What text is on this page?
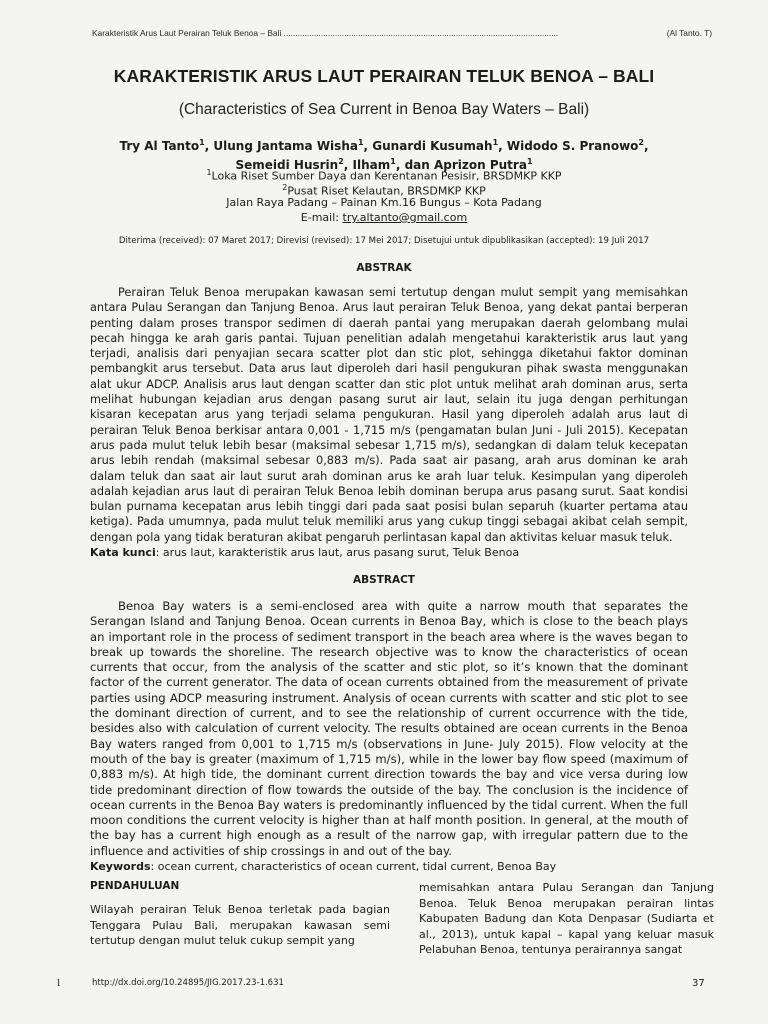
Karakteristik Arus Laut Perairan Teluk Benoa – Bali ......................................................................................................................	(Al Tanto. T)
KARAKTERISTIK ARUS LAUT PERAIRAN TELUK BENOA – BALI
(Characteristics of Sea Current in Benoa Bay Waters – Bali)
Try Al Tanto$^1$, Ulung Jantama Wisha$^1$, Gunardi Kusumah$^1$, Widodo S. Pranowo$^2$, Semeidi Husrin$^2$, Ilham$^1$, dan Aprizon Putra$^1$
$^1$Loka Riset Sumber Daya dan Kerentanan Pesisir, BRSDMKP KKP
$^2$Pusat Riset Kelautan, BRSDMKP KKP
Jalan Raya Padang – Painan Km.16 Bungus – Kota Padang
E-mail: try.altanto@gmail.com
Diterima (received): 07 Maret 2017; Direvisi (revised): 17 Mei 2017; Disetujui untuk dipublikasikan (accepted): 19 Juli 2017
ABSTRAK
Perairan Teluk Benoa merupakan kawasan semi tertutup dengan mulut sempit yang memisahkan antara Pulau Serangan dan Tanjung Benoa. Arus laut perairan Teluk Benoa, yang dekat pantai berperan penting dalam proses transpor sedimen di daerah pantai yang merupakan daerah gelombang mulai pecah hingga ke arah garis pantai. Tujuan penelitian adalah mengetahui karakteristik arus laut yang terjadi, analisis dari penyajian secara scatter plot dan stic plot, sehingga diketahui faktor dominan pembangkit arus tersebut. Data arus laut diperoleh dari hasil pengukuran pihak swasta menggunakan alat ukur ADCP. Analisis arus laut dengan scatter dan stic plot untuk melihat arah dominan arus, serta melihat hubungan kejadian arus dengan pasang surut air laut, selain itu juga dengan perhitungan kisaran kecepatan arus yang terjadi selama pengukuran. Hasil yang diperoleh adalah arus laut di perairan Teluk Benoa berkisar antara 0,001 - 1,715 m/s (pengamatan bulan Juni - Juli 2015). Kecepatan arus pada mulut teluk lebih besar (maksimal sebesar 1,715 m/s), sedangkan di dalam teluk kecepatan arus lebih rendah (maksimal sebesar 0,883 m/s). Pada saat air pasang, arah arus dominan ke arah dalam teluk dan saat air laut surut arah dominan arus ke arah luar teluk. Kesimpulan yang diperoleh adalah kejadian arus laut di perairan Teluk Benoa lebih dominan berupa arus pasang surut. Saat kondisi bulan purnama kecepatan arus lebih tinggi dari pada saat posisi bulan separuh (kuarter pertama atau ketiga). Pada umumnya, pada mulut teluk memiliki arus yang cukup tinggi sebagai akibat celah sempit, dengan pola yang tidak beraturan akibat pengaruh perlintasan kapal dan aktivitas keluar masuk teluk.
Kata kunci: arus laut, karakteristik arus laut, arus pasang surut, Teluk Benoa
ABSTRACT
Benoa Bay waters is a semi-enclosed area with quite a narrow mouth that separates the Serangan Island and Tanjung Benoa. Ocean currents in Benoa Bay, which is close to the beach plays an important role in the process of sediment transport in the beach area where is the waves began to break up towards the shoreline. The research objective was to know the characteristics of ocean currents that occur, from the analysis of the scatter and stic plot, so it’s known that the dominant factor of the current generator. The data of ocean currents obtained from the measurement of private parties using ADCP measuring instrument. Analysis of ocean currents with scatter and stic plot to see the dominant direction of current, and to see the relationship of current occurrence with the tide, besides also with calculation of current velocity. The results obtained are ocean currents in the Benoa Bay waters ranged from 0,001 to 1,715 m/s (observations in June- July 2015). Flow velocity at the mouth of the bay is greater (maximum of 1,715 m/s), while in the lower bay flow speed (maximum of 0,883 m/s). At high tide, the dominant current direction towards the bay and vice versa during low tide predominant direction of flow towards the outside of the bay. The conclusion is the incidence of ocean currents in the Benoa Bay waters is predominantly influenced by the tidal current. When the full moon conditions the current velocity is higher than at half month position. In general, at the mouth of the bay has a current high enough as a result of the narrow gap, with irregular pattern due to the influence and activities of ship crossings in and out of the bay.
Keywords: ocean current, characteristics of ocean current, tidal current, Benoa Bay
PENDAHULUAN
Wilayah perairan Teluk Benoa terletak pada bagian Tenggara Pulau Bali, merupakan kawasan semi tertutup dengan mulut teluk cukup sempit yang
memisahkan antara Pulau Serangan dan Tanjung Benoa. Teluk Benoa merupakan perairan lintas Kabupaten Badung dan Kota Denpasar (Sudiarta et al., 2013), untuk kapal – kapal yang keluar masuk Pelabuhan Benoa, tentunya perairannya sangat
1	http://dx.doi.org/10.24895/JIG.2017.23-1.631	37
